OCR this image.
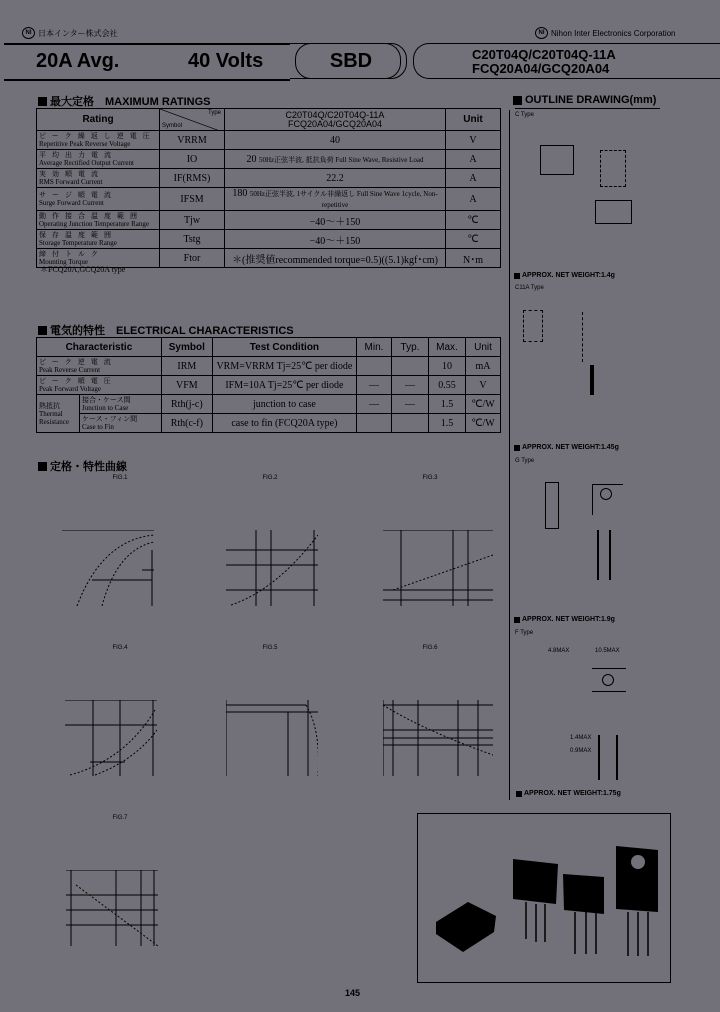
NI 日本インター株式会社	NI Nihon Inter Electronics Corporation
20A Avg.	40 Volts	SBD	C20T04Q/C20T04Q-11A
FCQ20A04/GCQ20A04
最大定格　MAXIMUM RATINGS
Rating	
Type
Symbol

C20T04Q/C20T04Q-11A
FCQ20A04/GCQ20A04	Unit

ピーク繰返し逆電圧
Repetitive Peak Reverse Voltage	VRRM	40	V

平均出力電流
Average Rectified Output Current	IO	20 50Hz正弦半波, 抵抗負荷 Full Sine Wave, Resistive Load	A

実効順電流
RMS Forward Current	IF(RMS)	22.2	A

サージ順電流
Surge Forward Current	IFSM	180 50Hz正弦半波, 1サイクル非繰返し Full Sine Wave 1cycle, Non-repetitive	A

動作接合温度範囲
Operating Junction Temperature Range	Tjw	−40～＋150	℃

保存温度範囲
Storage Temperature Range	Tstg	−40～＋150	℃

締付トルク
Mounting Torque	Ftor	＊(推奨値recommended torque=0.5)((5.1)kgf･cm)	N･m
＊FCQ20A,GCQ20A type
電気的特性　ELECTRICAL CHARACTERISTICS
Characteristic		Symbol	Test Condition	Min.	Typ.	Max.	Unit

ピーク逆電流
Peak Reverse Current		IRM	VRM=VRRM Tj=25℃ per diode			10	mA

ピーク順電圧
Peak Forward Voltage		VFM	IFM=10A Tj=25℃ per diode	—	—	0.55	V

熱抵抗
Thermal Resistance

接合・ケース間
Junction to Case	Rth(j-c)	junction to case	—	—	1.5	℃/W

	ケース・フィン間
Case to Fin	Rth(c-f)	case to fin (FCQ20A type)			1.5	℃/W
定格・特性曲線
FIG.1	FIG.2	FIG.3
FIG.4	FIG.5	FIG.6
FIG.7
OUTLINE DRAWING(mm)
C Type
APPROX. NET WEIGHT:1.4g
C11A Type
APPROX. NET WEIGHT:1.45g
G Type
APPROX. NET WEIGHT:1.9g
F Type
4.8MAX	10.5MAX
1.4MAX
0.9MAX
APPROX. NET WEIGHT:1.75g
145
